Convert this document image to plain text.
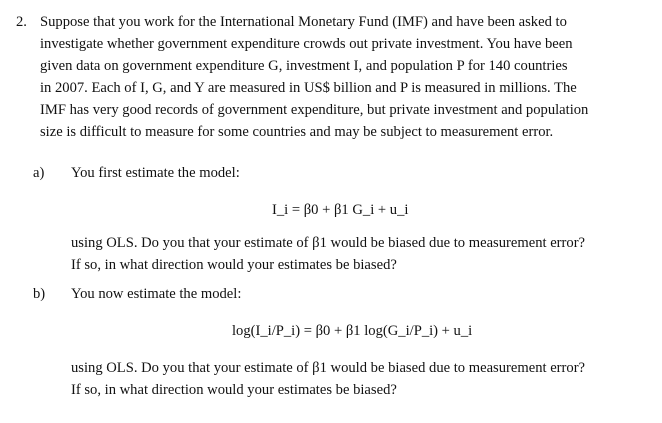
2. Suppose that you work for the International Monetary Fund (IMF) and have been asked to
investigate whether government expenditure crowds out private investment. You have been
given data on government expenditure G, investment I, and population P for 140 countries
in 2007. Each of I, G, and Y are measured in US$ billion and P is measured in millions. The
IMF has very good records of government expenditure, but private investment and population
size is difficult to measure for some countries and may be subject to measurement error.
a) You first estimate the model:
I_i = β0 + β1 G_i + u_i
using OLS. Do you that your estimate of β1 would be biased due to measurement error?
If so, in what direction would your estimates be biased?
b) You now estimate the model:
log(I_i/P_i) = β0 + β1 log(G_i/P_i) + u_i
using OLS. Do you that your estimate of β1 would be biased due to measurement error?
If so, in what direction would your estimates be biased?
